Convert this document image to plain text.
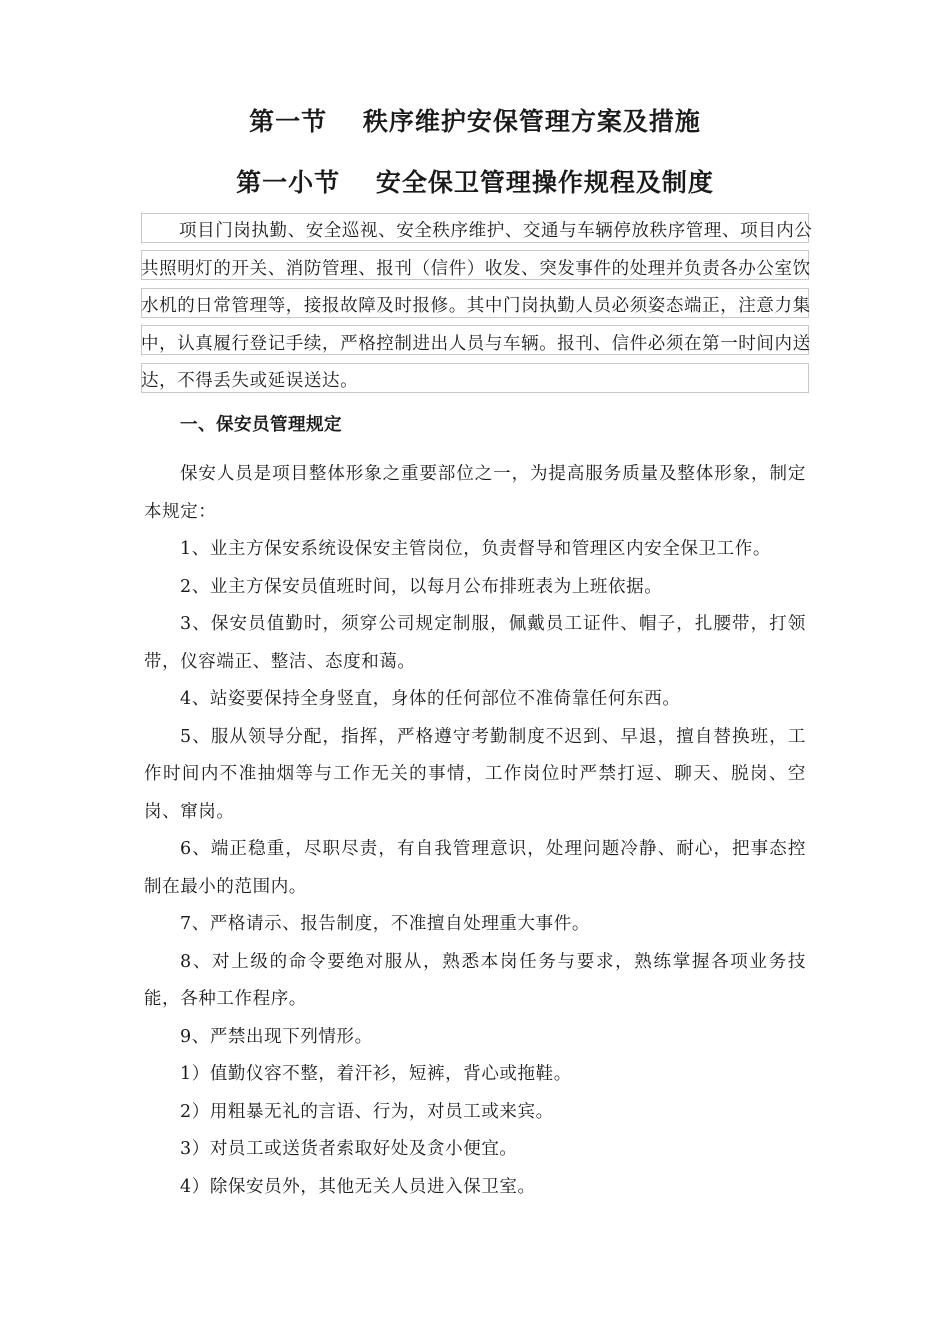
第一节　 秩序维护安保管理方案及措施
第一小节　 安全保卫管理操作规程及制度
项目门岗执勤、安全巡视、安全秩序维护、交通与车辆停放秩序管理、项目内公共照明灯的开关、消防管理、报刊（信件）收发、突发事件的处理并负责各办公室饮水机的日常管理等，接报故障及时报修。其中门岗执勤人员必须姿态端正，注意力集中，认真履行登记手续，严格控制进出人员与车辆。报刊、信件必须在第一时间内送达，不得丢失或延误送达。
一、保安员管理规定

保安人员是项目整体形象之重要部位之一，为提高服务质量及整体形象，制定本规定：

1、业主方保安系统设保安主管岗位，负责督导和管理区内安全保卫工作。

2、业主方保安员值班时间，以每月公布排班表为上班依据。

3、保安员值勤时，须穿公司规定制服，佩戴员工证件、帽子，扎腰带，打领带，仪容端正、整洁、态度和蔼。

4、站姿要保持全身竖直，身体的任何部位不准倚靠任何东西。

5、服从领导分配，指挥，严格遵守考勤制度不迟到、早退，擅自替换班，工作时间内不准抽烟等与工作无关的事情，工作岗位时严禁打逗、聊天、脱岗、空岗、窜岗。

6、端正稳重，尽职尽责，有自我管理意识，处理问题冷静、耐心，把事态控制在最小的范围内。

7、严格请示、报告制度，不准擅自处理重大事件。

8、对上级的命令要绝对服从，熟悉本岗任务与要求，熟练掌握各项业务技能，各种工作程序。

9、严禁出现下列情形。

1）值勤仪容不整，着汗衫，短裤，背心或拖鞋。

2）用粗暴无礼的言语、行为，对员工或来宾。

3）对员工或送货者索取好处及贪小便宜。

4）除保安员外，其他无关人员进入保卫室。
